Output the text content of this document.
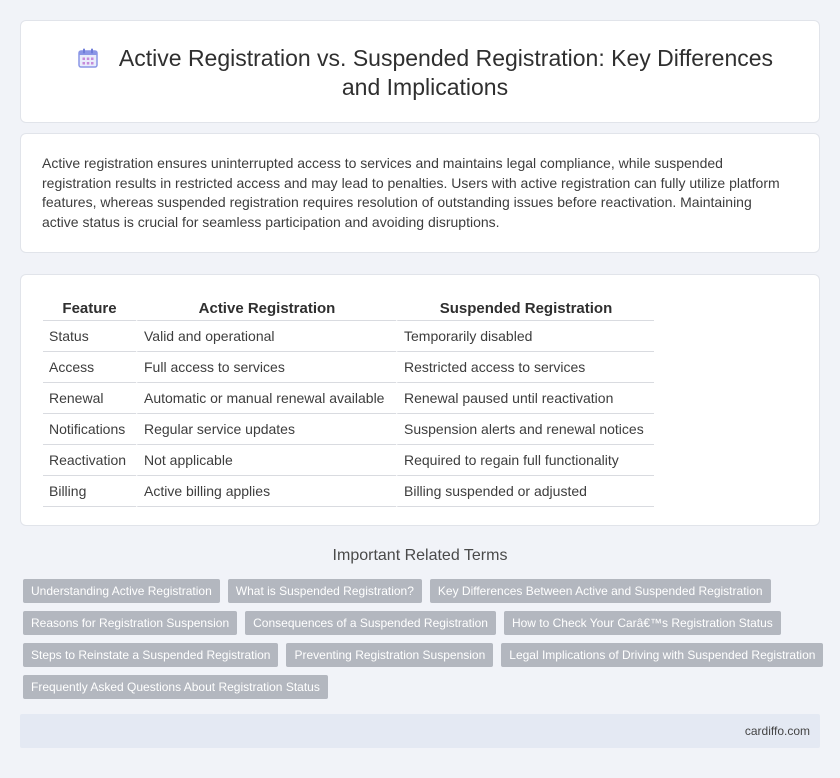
Active Registration vs. Suspended Registration: Key Differences and Implications

Active registration ensures uninterrupted access to services and maintains legal compliance, while suspended registration results in restricted access and may lead to penalties. Users with active registration can fully utilize platform features, whereas suspended registration requires resolution of outstanding issues before reactivation. Maintaining active status is crucial for seamless participation and avoiding disruptions.

Feature	Active Registration	Suspended Registration
Status	Valid and operational	Temporarily disabled
Access	Full access to services	Restricted access to services
Renewal	Automatic or manual renewal available	Renewal paused until reactivation
Notifications	Regular service updates	Suspension alerts and renewal notices
Reactivation	Not applicable	Required to regain full functionality
Billing	Active billing applies	Billing suspended or adjusted
Important Related Terms
Understanding Active Registration	What is Suspended Registration?	Key Differences Between Active and Suspended Registration
Reasons for Registration Suspension	Consequences of a Suspended Registration	How to Check Your Carâ€™s Registration Status
Steps to Reinstate a Suspended Registration	Preventing Registration Suspension	Legal Implications of Driving with Suspended Registration
Frequently Asked Questions About Registration Status
cardiffo.com
